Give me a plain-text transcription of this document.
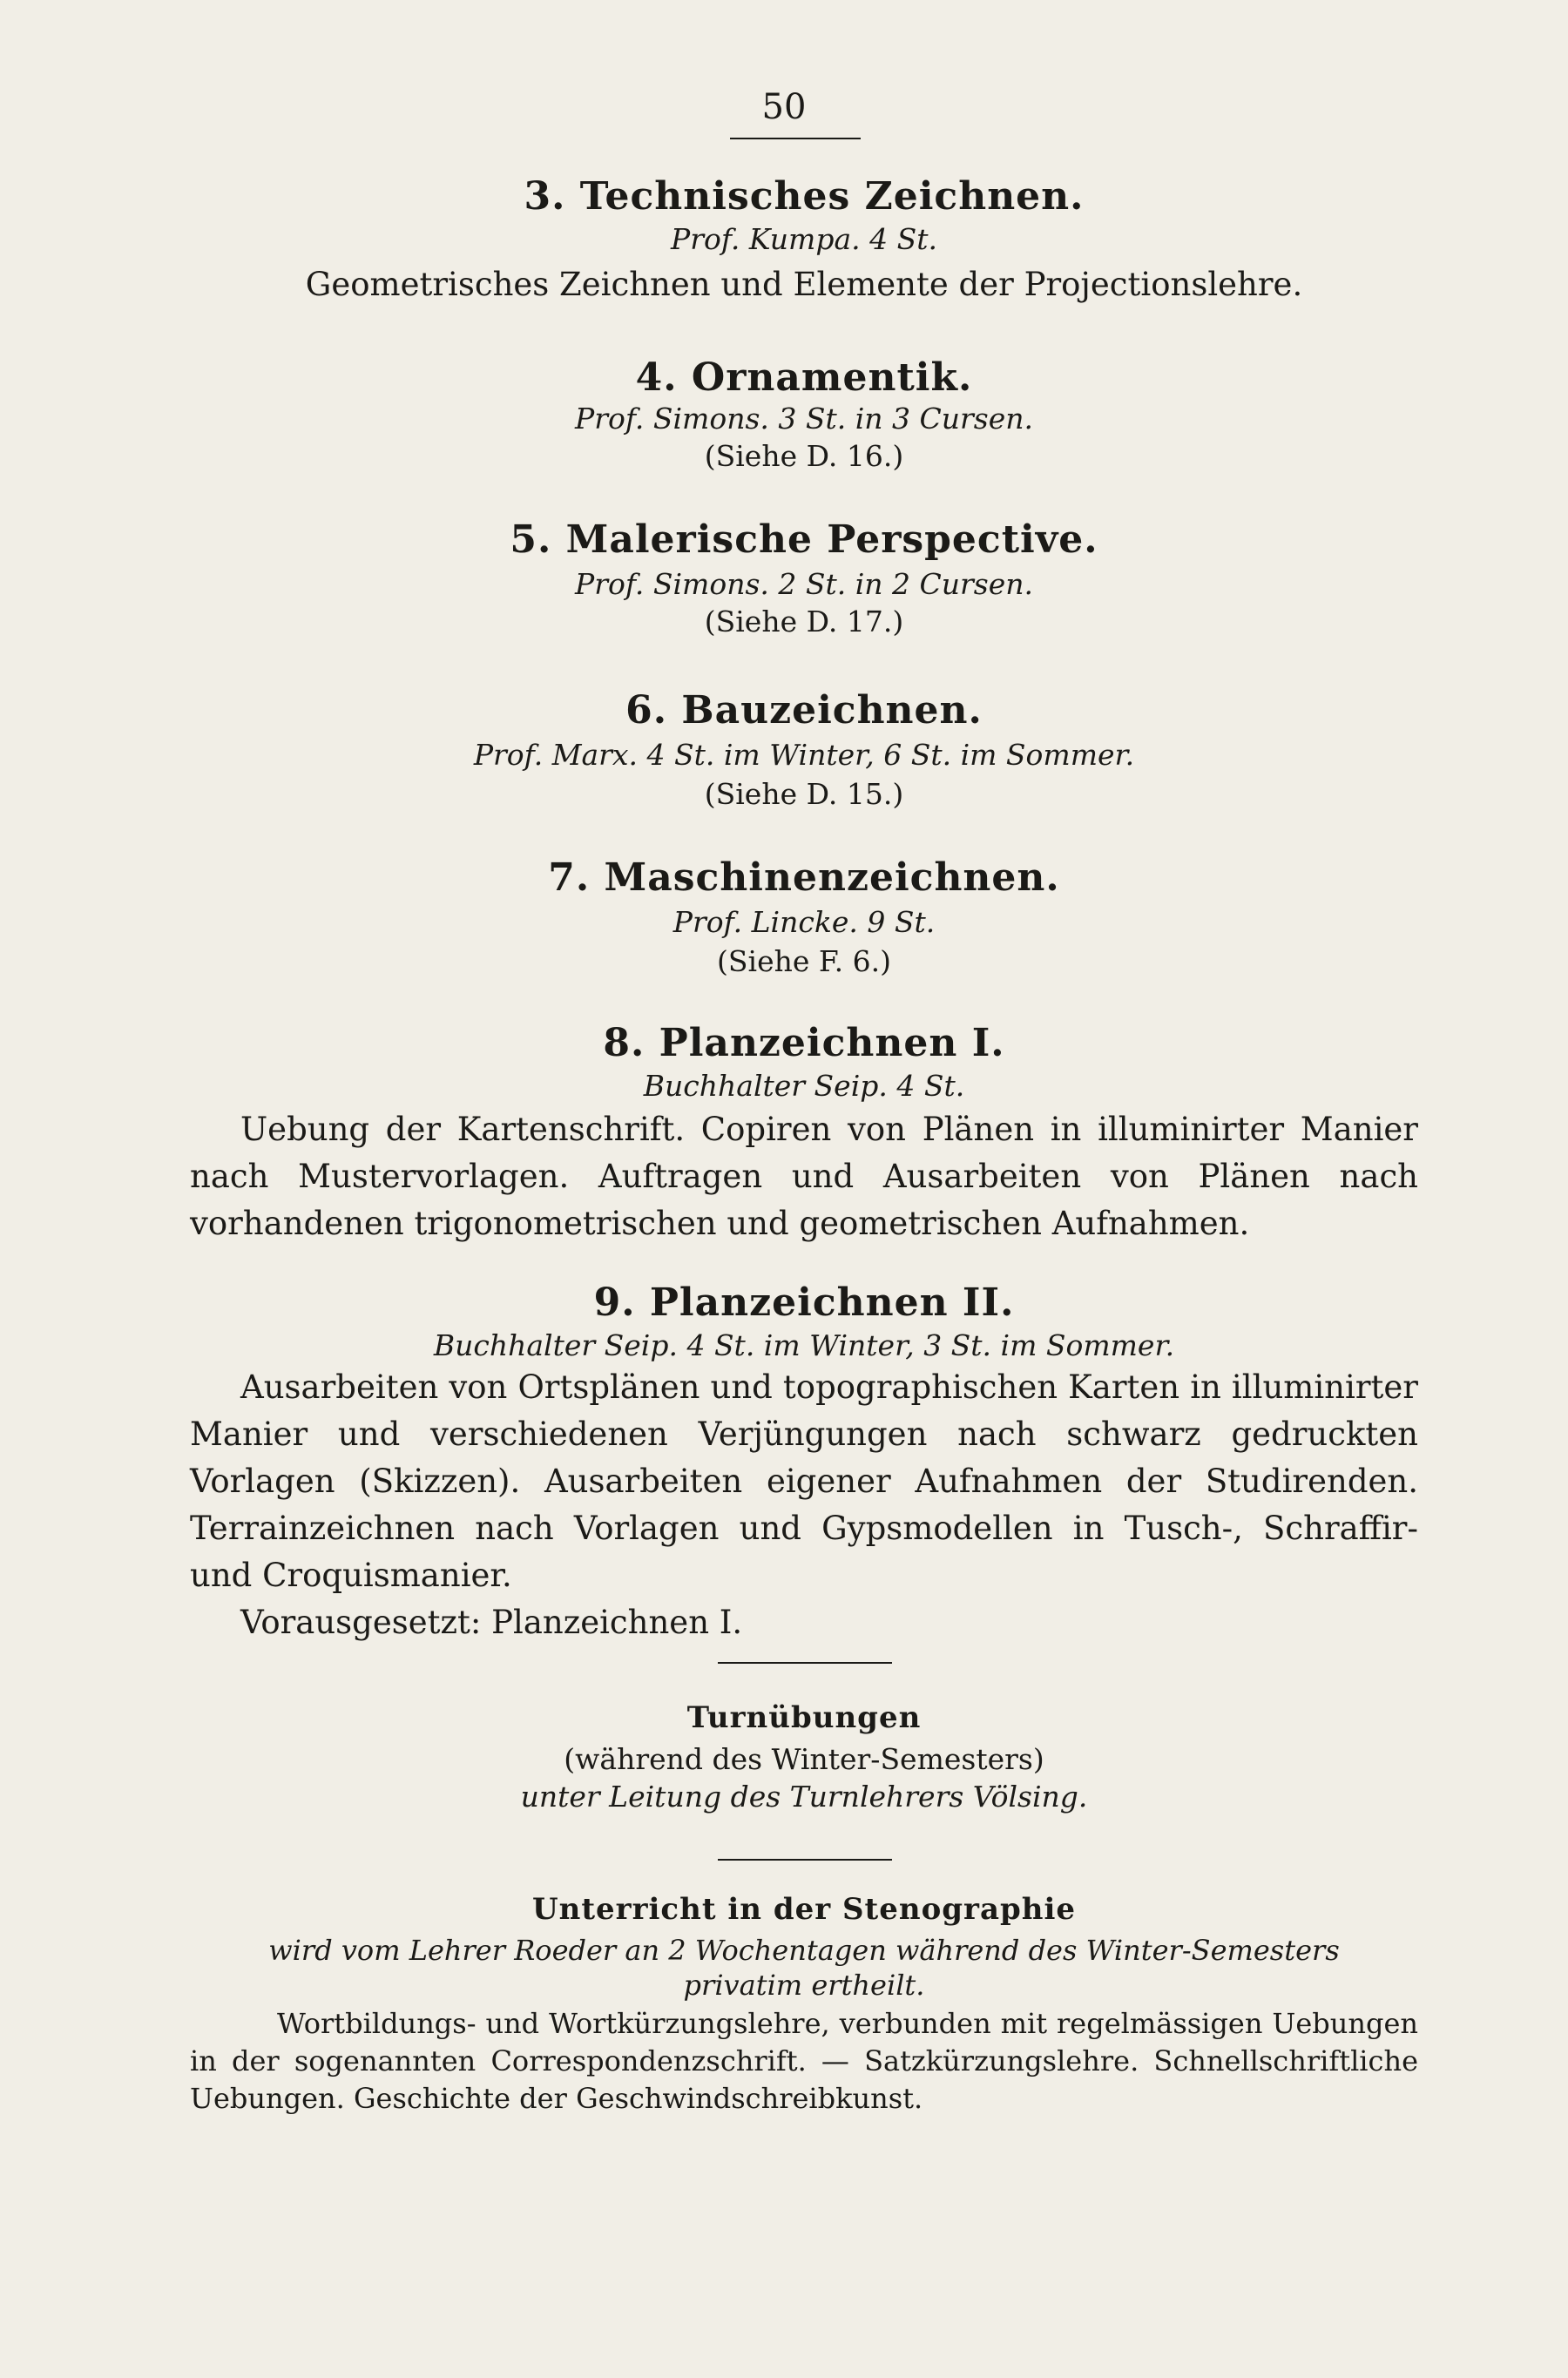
50

3. Technisches Zeichnen.

Prof. Kumpa. 4 St.

Geometrisches Zeichnen und Elemente der Projectionslehre.

4. Ornamentik.

Prof. Simons. 3 St. in 3 Cursen.

(Siehe D. 16.)

5. Malerische Perspective.

Prof. Simons. 2 St. in 2 Cursen.

(Siehe D. 17.)

6. Bauzeichnen.

Prof. Marx. 4 St. im Winter, 6 St. im Sommer.

(Siehe D. 15.)

7. Maschinenzeichnen.

Prof. Lincke. 9 St.

(Siehe F. 6.)

8. Planzeichnen I.

Buchhalter Seip. 4 St.

Uebung der Kartenschrift. Copiren von Plänen in illuminirter Manier nach Mustervorlagen. Auftragen und Ausarbeiten von Plänen nach vorhandenen trigonometrischen und geometrischen Aufnahmen.

9. Planzeichnen II.

Buchhalter Seip. 4 St. im Winter, 3 St. im Sommer.

Ausarbeiten von Ortsplänen und topographischen Karten in illuminirter Manier und verschiedenen Verjüngungen nach schwarz gedruckten Vorlagen (Skizzen). Ausarbeiten eigener Aufnahmen der Studirenden. Terrainzeichnen nach Vorlagen und Gypsmodellen in Tusch-, Schraffir- und Croquismanier.

Vorausgesetzt: Planzeichnen I.

Turnübungen

(während des Winter-Semesters)

unter Leitung des Turnlehrers Völsing.

Unterricht in der Stenographie

wird vom Lehrer Roeder an 2 Wochentagen während des Winter-Semesters

privatim ertheilt.

Wortbildungs- und Wortkürzungslehre, verbunden mit regelmässigen Uebungen in der sogenannten Correspondenzschrift. — Satzkürzungslehre. Schnellschriftliche Uebungen. Geschichte der Geschwindschreibkunst.
